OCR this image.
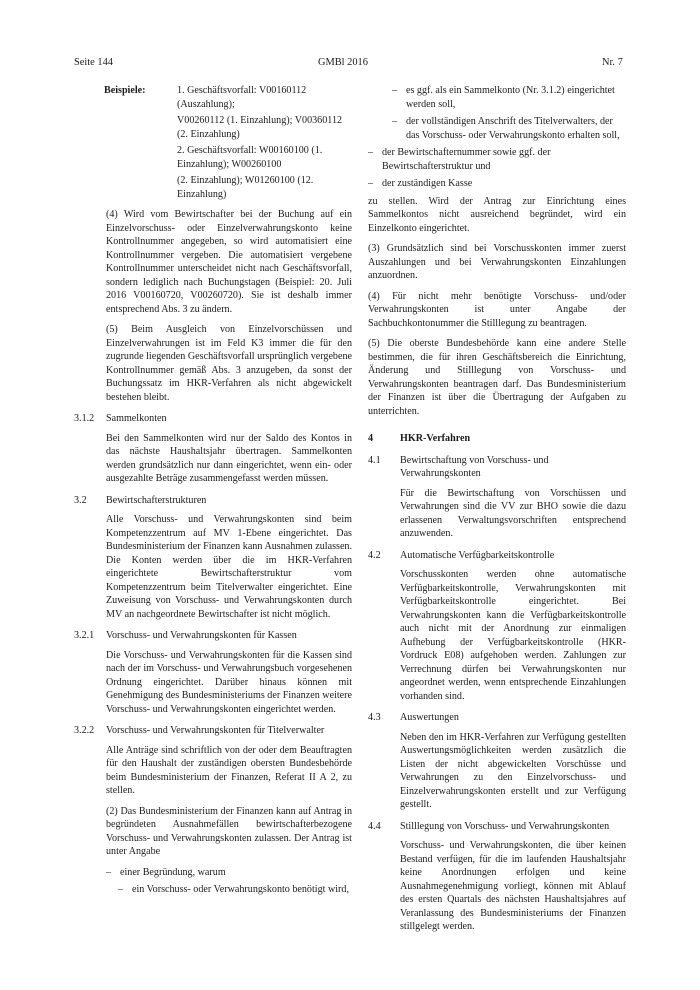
Seite 144	GMBl 2016	Nr. 7
Beispiele:	1. Geschäftsvorfall: V00160112 (Auszahlung);
V00260112 (1. Einzahlung); V00360112 (2. Einzahlung)
2. Geschäftsvorfall: W00160100 (1. Einzahlung); W00260100
(2. Einzahlung); W01260100 (12. Einzahlung)

(4) Wird vom Bewirtschafter bei der Buchung auf ein Einzelvorschuss- oder Einzelverwahrungskonto keine Kontrollnummer angegeben, so wird automatisiert eine Kontrollnummer vergeben. Die automatisiert vergebene Kontrollnummer unterscheidet nicht nach Geschäftsvorfall, sondern lediglich nach Buchungstagen (Beispiel: 20. Juli 2016 V00160720, V00260720). Sie ist deshalb immer entsprechend Abs. 3 zu ändern.

(5) Beim Ausgleich von Einzelvorschüssen und Einzelverwahrungen ist im Feld K3 immer die für den zugrunde liegenden Geschäftsvorfall ursprünglich vergebene Kontrollnummer gemäß Abs. 3 anzugeben, da sonst der Buchungssatz im HKR-Verfahren als nicht abgewickelt bestehen bleibt.

3.1.2	Sammelkonten

Bei den Sammelkonten wird nur der Saldo des Kontos in das nächste Haushaltsjahr übertragen. Sammelkonten werden grundsätzlich nur dann eingerichtet, wenn ein- oder ausgezahlte Beträge zusammengefasst werden müssen.

3.2	Bewirtschafterstrukturen

Alle Vorschuss- und Verwahrungskonten sind beim Kompetenzzentrum auf MV 1-Ebene eingerichtet. Das Bundesministerium der Finanzen kann Ausnahmen zulassen. Die Konten werden über die im HKR-Verfahren eingerichtete Bewirtschafterstruktur vom Kompetenzzentrum beim Titelverwalter eingerichtet. Eine Zuweisung von Vorschuss- und Verwahrungskonten durch MV an nachgeordnete Bewirtschafter ist nicht möglich.

3.2.1	Vorschuss- und Verwahrungskonten für Kassen

Die Vorschuss- und Verwahrungskonten für die Kassen sind nach der im Vorschuss- und Verwahrungsbuch vorgesehenen Ordnung eingerichtet. Darüber hinaus können mit Genehmigung des Bundesministeriums der Finanzen weitere Vorschuss- und Verwahrungskonten eingerichtet werden.

3.2.2	Vorschuss- und Verwahrungskonten für Titelverwalter

Alle Anträge sind schriftlich von der oder dem Beauftragten für den Haushalt der zuständigen obersten Bundesbehörde beim Bundesministerium der Finanzen, Referat II A 2, zu stellen.

(2) Das Bundesministerium der Finanzen kann auf Antrag in begründeten Ausnahmefällen bewirtschafterbezogene Vorschuss- und Verwahrungskonten zulassen. Der Antrag ist unter Angabe

– einer Begründung, warum
– ein Vorschuss- oder Verwahrungskonto benötigt wird,
– es ggf. als ein Sammelkonto (Nr. 3.1.2) eingerichtet werden soll,
– der vollständigen Anschrift des Titelverwalters, der das Vorschuss- oder Verwahrungskonto erhalten soll,
– der Bewirtschafternummer sowie ggf. der Bewirtschafterstruktur und
– der zuständigen Kasse

zu stellen. Wird der Antrag zur Einrichtung eines Sammelkontos nicht ausreichend begründet, wird ein Einzelkonto eingerichtet.

(3) Grundsätzlich sind bei Vorschusskonten immer zuerst Auszahlungen und bei Verwahrungskonten Einzahlungen anzuordnen.

(4) Für nicht mehr benötigte Vorschuss- und/oder Verwahrungskonten ist unter Angabe der Sachbuchkontonummer die Stilllegung zu beantragen.

(5) Die oberste Bundesbehörde kann eine andere Stelle bestimmen, die für ihren Geschäftsbereich die Einrichtung, Änderung und Stilllegung von Vorschuss- und Verwahrungskonten beantragen darf. Das Bundesministerium der Finanzen ist über die Übertragung der Aufgaben zu unterrichten.

4	HKR-Verfahren
4.1	Bewirtschaftung von Vorschuss- und Verwahrungskonten

Für die Bewirtschaftung von Vorschüssen und Verwahrungen sind die VV zur BHO sowie die dazu erlassenen Verwaltungsvorschriften entsprechend anzuwenden.

4.2	Automatische Verfügbarkeitskontrolle

Vorschusskonten werden ohne automatische Verfügbarkeitskontrolle, Verwahrungskonten mit Verfügbarkeitskontrolle eingerichtet. Bei Verwahrungskonten kann die Verfügbarkeitskontrolle auch nicht mit der Anordnung zur einmaligen Aufhebung der Verfügbarkeitskontrolle (HKR-Vordruck E08) aufgehoben werden. Zahlungen zur Verrechnung dürfen bei Verwahrungskonten nur angeordnet werden, wenn entsprechende Einzahlungen vorhanden sind.

4.3	Auswertungen

Neben den im HKR-Verfahren zur Verfügung gestellten Auswertungsmöglichkeiten werden zusätzlich die Listen der nicht abgewickelten Vorschüsse und Verwahrungen zu den Einzelvorschuss- und Einzelverwahrungskonten erstellt und zur Verfügung gestellt.

4.4	Stilllegung von Vorschuss- und Verwahrungskonten

Vorschuss- und Verwahrungskonten, die über keinen Bestand verfügen, für die im laufenden Haushaltsjahr keine Anordnungen erfolgen und keine Ausnahmegenehmigung vorliegt, können mit Ablauf des ersten Quartals des nächsten Haushaltsjahres auf Veranlassung des Bundesministeriums der Finanzen stillgelegt werden.
